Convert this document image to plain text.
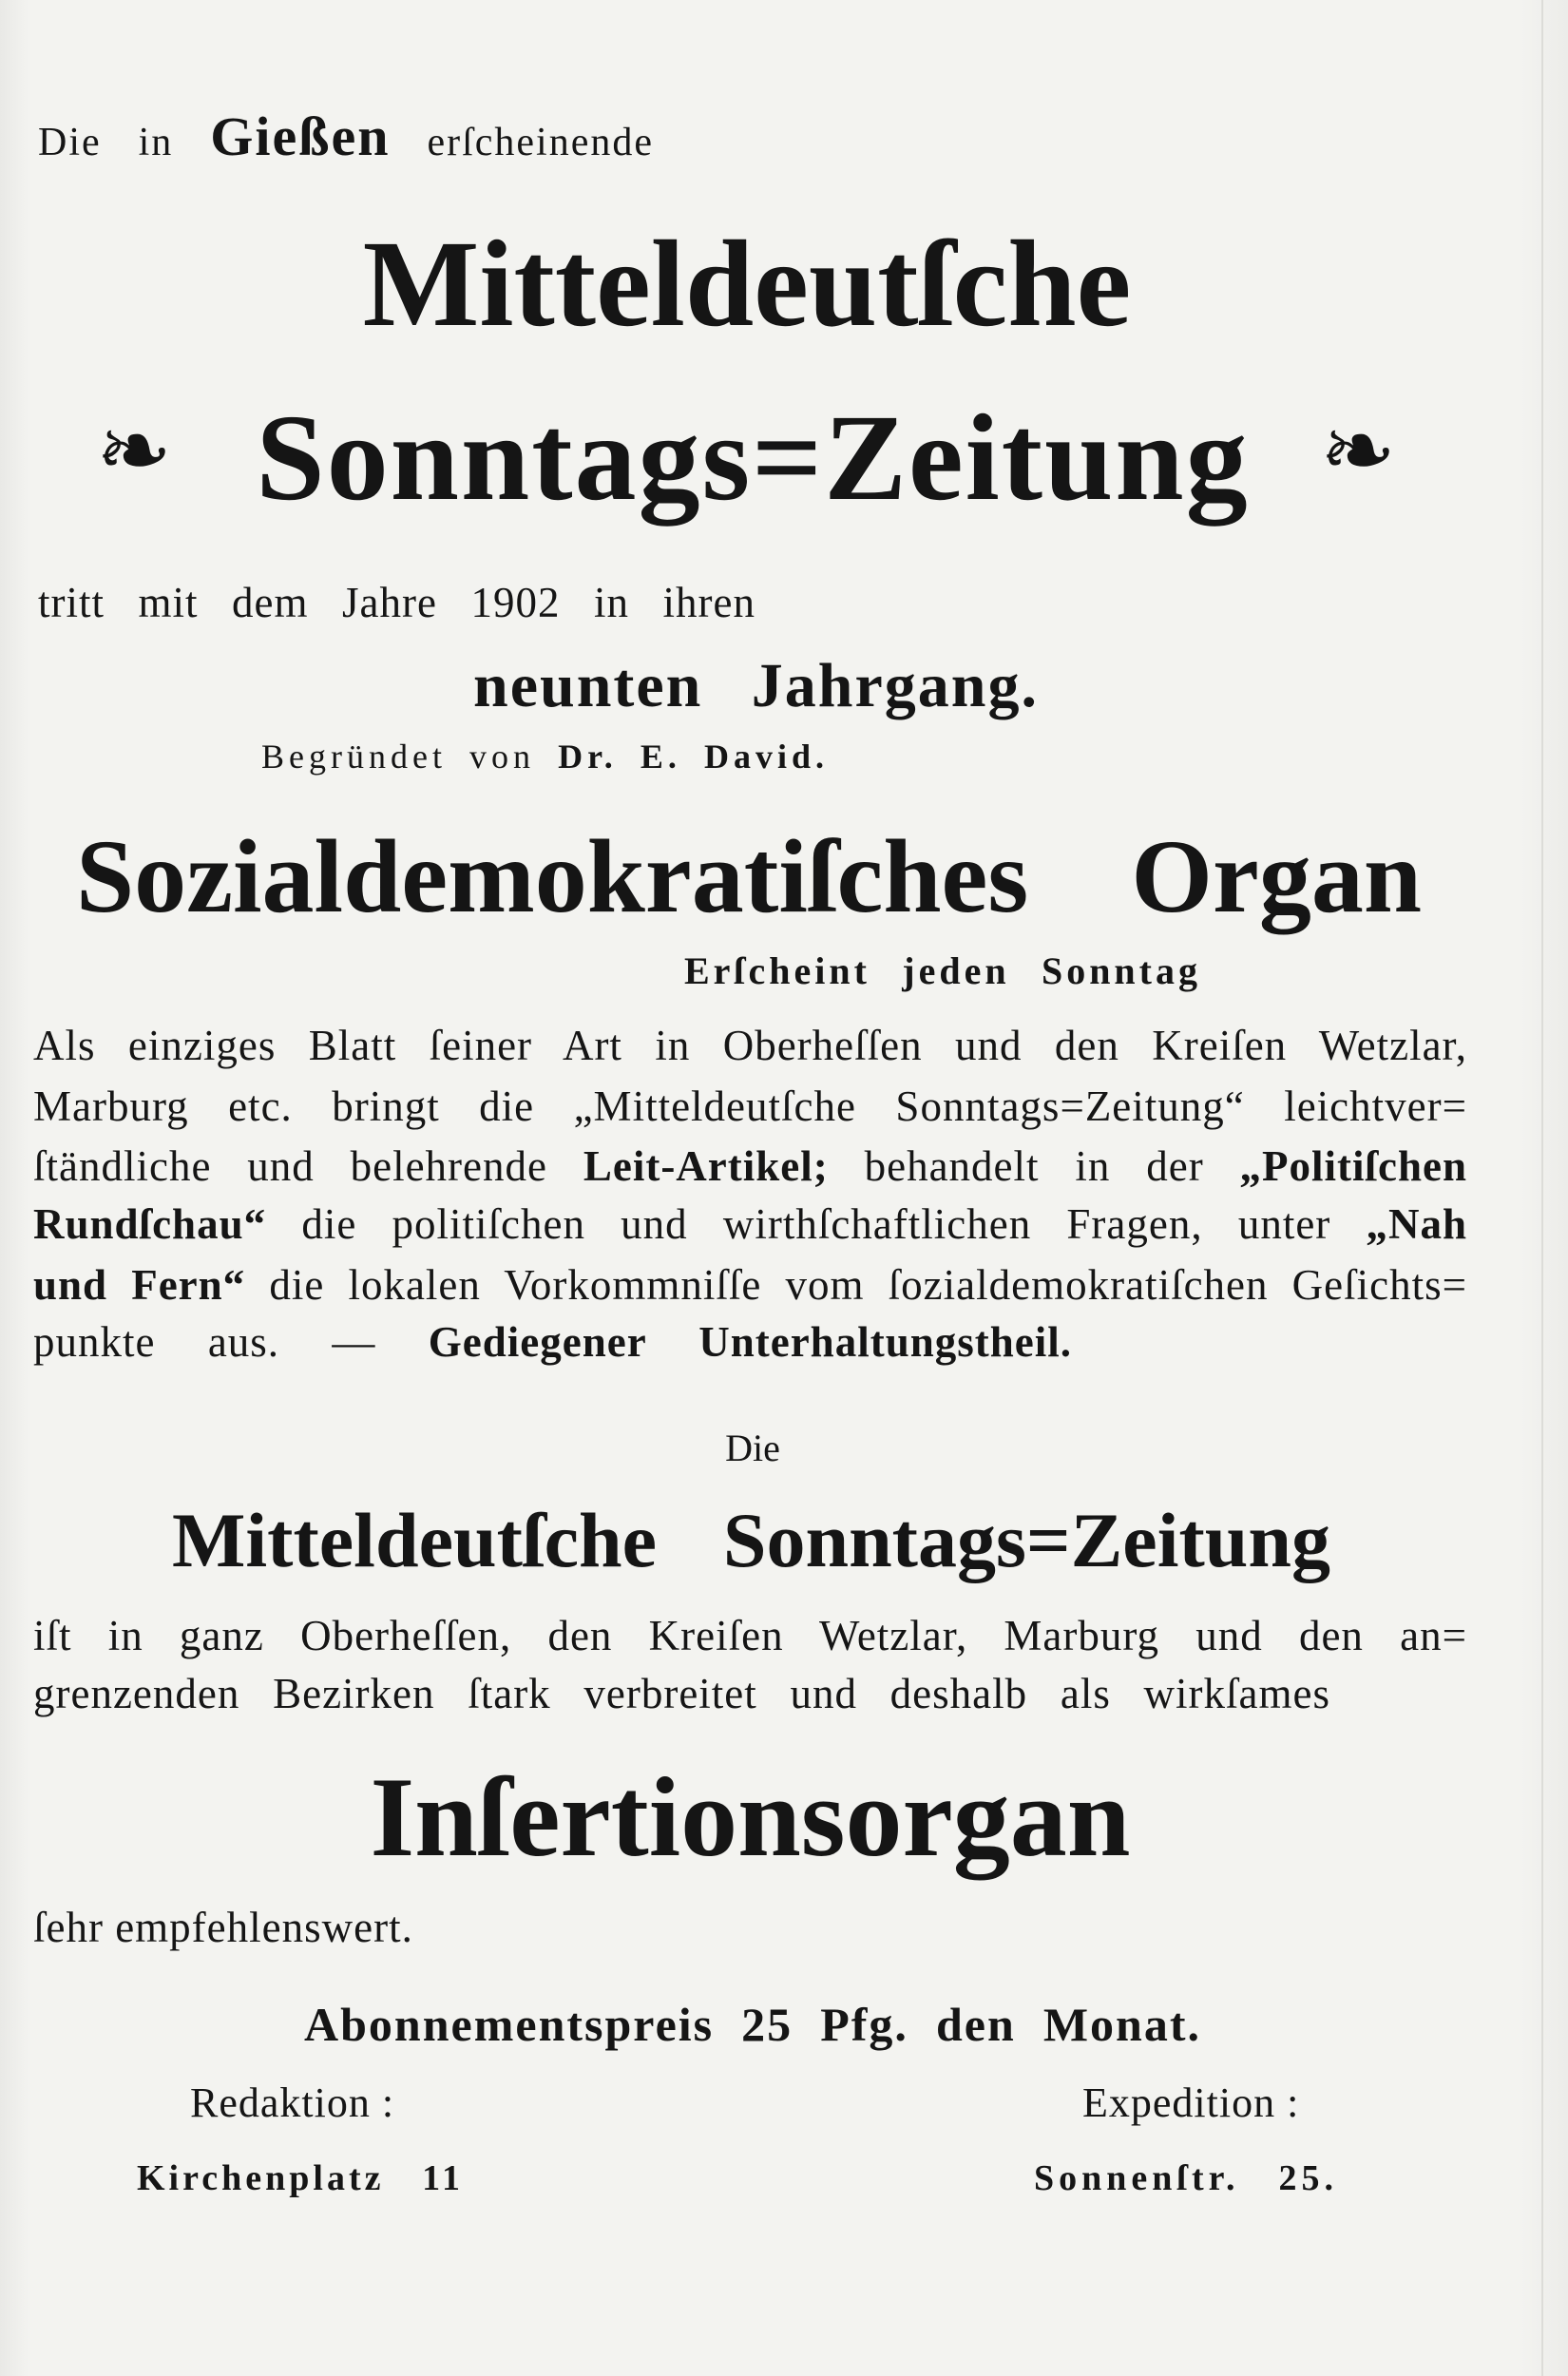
Die in Gießen erſcheinende
Mitteldeutſche
❧
Sonntags=Zeitung
❧
tritt mit dem Jahre 1902 in ihren
neunten Jahrgang.
Begründet von Dr. E. David.
Sozialdemokratiſches Organ
Erſcheint jeden Sonntag
Als einziges Blatt ſeiner Art in Oberheſſen und den Kreiſen Wetzlar,
Marburg etc. bringt die „Mitteldeutſche Sonntags=Zeitung“ leichtver=
ſtändliche und belehrende Leit-Artikel; behandelt in der „Politiſchen
Rundſchau“ die politiſchen und wirthſchaftlichen Fragen, unter „Nah
und Fern“ die lokalen Vorkommniſſe vom ſozialdemokratiſchen Geſichts=
punkte aus. — Gediegener Unterhaltungstheil.
Die
Mitteldeutſche Sonntags=Zeitung
iſt in ganz Oberheſſen, den Kreiſen Wetzlar, Marburg und den an=
grenzenden Bezirken ſtark verbreitet und deshalb als wirkſames
Inſertionsorgan
ſehr empfehlenswert.
Abonnementspreis 25 Pfg. den Monat.
Redaktion :	Expedition :
Kirchenplatz 11	Sonnenſtr. 25.
